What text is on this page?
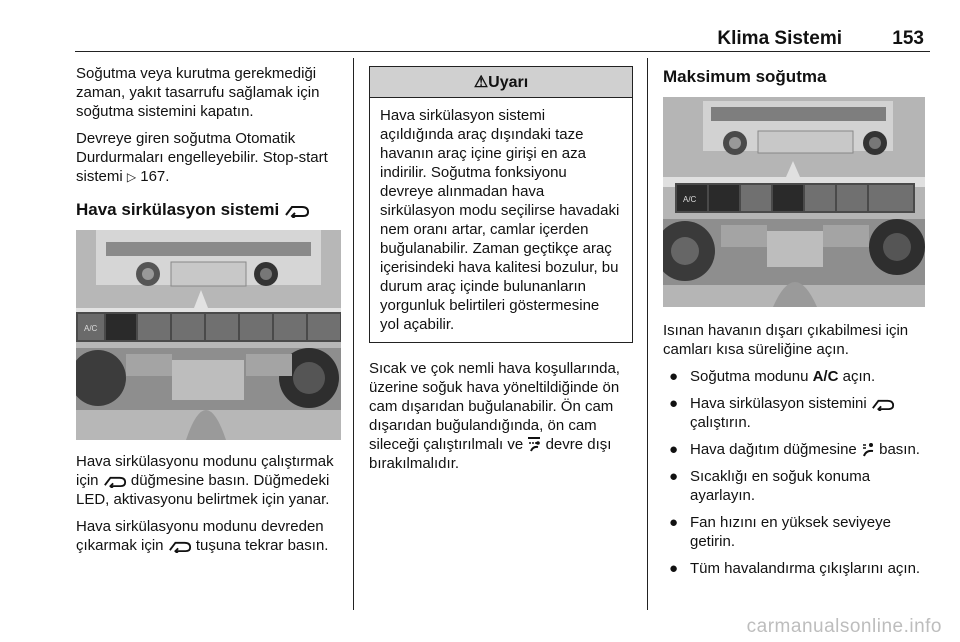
Klima Sistemi	153

Soğutma veya kurutma gerekmediği zaman, yakıt tasarrufu sağlamak için soğutma sistemini kapatın.

Devreye giren soğutma Otomatik Durdurmaları engelleyebilir. Stop-start sistemi ▷ 167.

Hava sirkülasyon sistemi
A/C

Hava sirkülasyonu modunu çalıştırmak için düğmesine basın. Düğmedeki LED, aktivasyonu belirtmek için yanar.

Hava sirkülasyonu modunu devreden çıkarmak için tuşuna tekrar basın.

⚠Uyarı
Hava sirkülasyon sistemi açıldığında araç dışındaki taze havanın araç içine girişi en aza indirilir. Soğutma fonksiyonu devreye alınmadan hava sirkülasyon modu seçilirse havadaki nem oranı artar, camlar içerden buğulanabilir. Zaman geçtikçe araç içerisindeki hava kalitesi bozulur, bu durum araç içinde bulunanların yorgunluk belirtileri göstermesine yol açabilir.

Sıcak ve çok nemli hava koşullarında, üzerine soğuk hava yöneltildiğinde ön cam dışarıdan buğulanabilir. Ön cam dışarıdan buğulandığında, ön cam sileceği çalıştırılmalı ve devre dışı bırakılmalıdır.

Maksimum soğutma
A/C

Isınan havanın dışarı çıkabilmesi için camları kısa süreliğine açın.

● Soğutma modunu A/C açın.
● Hava sirkülasyon sistemini  çalıştırın.
● Hava dağıtım düğmesine basın.
● Sıcaklığı en soğuk konuma ayarlayın.
● Fan hızını en yüksek seviyeye getirin.
● Tüm havalandırma çıkışlarını açın.
carmanualsonline.info
